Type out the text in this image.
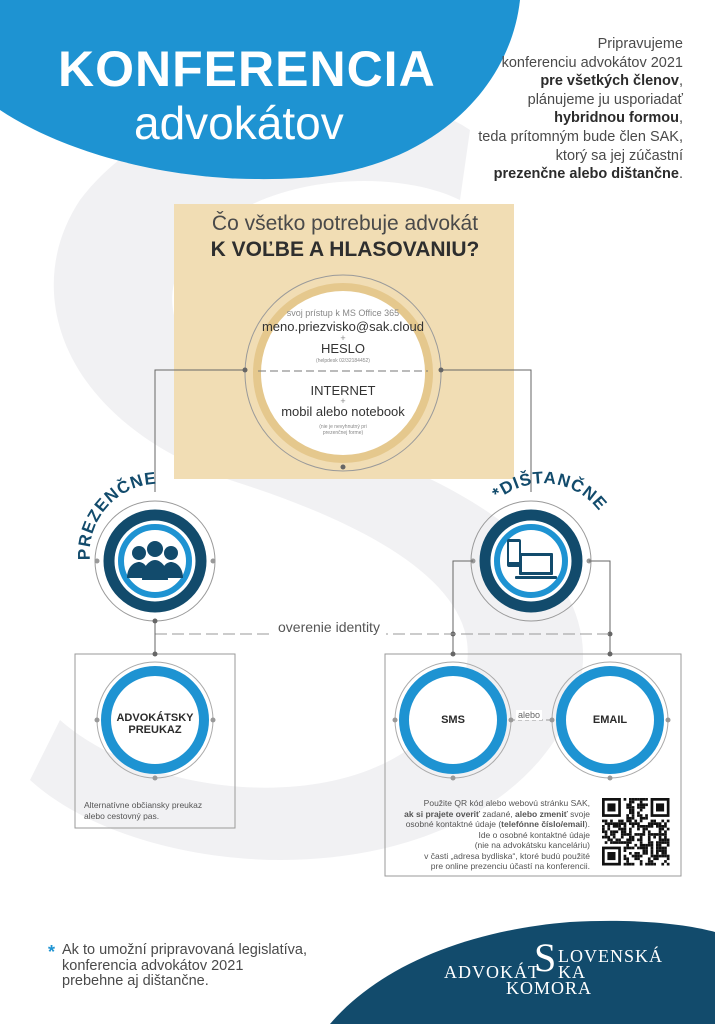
KONFERENCIA
advokátov
Pripravujeme
konferenciu advokátov 2021
pre všetkých členov,
plánujeme ju usporiadať
hybridnou formou,
teda prítomným bude člen SAK,
ktorý sa jej zúčastní
prezenčne alebo dištančne.
Čo všetko potrebuje advokát
K VOĽBE A HLASOVANIU?
svoj prístup k MS Office 365
meno.priezvisko@sak.cloud
+
HESLO
(helpdesk 02/32184452)
INTERNET
+
mobil alebo notebook
(nie je nevyhnutný pri
prezenčnej forme)
PREZENČNE
*DIŠTANČNE
overenie identity
ADVOKÁTSKY
PREUKAZ
Alternatívne občiansky preukaz
alebo cestovný pas.
SMS	alebo	EMAIL
Použite QR kód alebo webovú stránku SAK,
ak si prajete overiť zadané, alebo zmeniť svoje
osobné kontaktné údaje (telefónne číslo/email).
Ide o osobné kontaktné údaje
(nie na advokátsku kanceláriu)
v časti „adresa bydliska“, ktoré budú použité
pre online prezenciu účastí na konferencii.
* Ak to umožní pripravovaná legislatíva,
konferencia advokátov 2021
prebehne aj dištančne.
S LOVENSKÁ
ADVOKÁT KA
KOMORA
